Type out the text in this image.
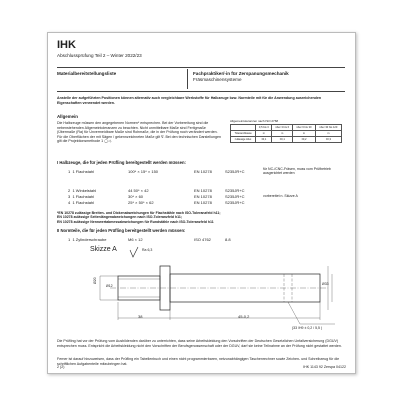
IHK
Abschlussprüfung Teil 2 – Winter 2022/23
Materialbereitstellungsliste	Fachpraktiker/-in für Zerspanungsmechanik
Fräsmaschinensysteme
Anstelle der aufgeführten Positionen können alternativ auch vergleichbare Werkstoffe für Halbzeuge bzw. Normteile mit für die Anwendung ausreichenden Eigenschaften verwendet werden.
Allgemein
Die Halbzeuge müssen den angegebenen Normen* entsprechen. Bei der Vorbereitung sind die nebenstehenden Allgemeintoleranzen zu beachten. Nicht unmittelbare Maße sind Fertigmaße (Übermaße (Ra) für Unvermeidbare Maße sind Rohmaße, die in der Prüfung noch verändert werden. Für die Oberflächen der mit Sägen / gekennzeichneten Maße gilt ∇. Bei den technischen Darstellungen gilt die Projektionsmethode 1 ◯◁.
Allgemeintoleranzen nach ISO 2768
	0,5 bis 3	über 3 bis 6	über 6 bis 30	über 30 bis 120
Toleranzklasse	m	m	m	m
zulässige Abw.	±0,1	±0,1	±0,2	±0,3
I Halbzeuge, die für jeden Prüfling bereitgestellt werden müssen:
1 1 Flachstahl	100* × 15* × 150	EN 10278	S235JR+C	für NC-/CNC-Fräsen, muss vom Prüfbetrieb ausgerichtet werden
2 1 Winkelstahl	44 50* × 42	EN 10278	S235JR+C
3 1 Flachstahl	30* × 60	EN 10278	S235JR+C	vorbereitet n. Skizze A
4 1 Flachstahl	25* × 50* × 62	EN 10278	S235JR+C
*EN 10278 zulässige Breiten- und Dickenabweichungen für Flachstähle nach ISO-Toleranzfeld h11;
EN 10278 zulässige Seitenlängenabweichungen nach ISO-Toleranzfeld h11;
EN 10278 zulässige Nennwertabmessabweichungen für Rundstähle nach ISO-Toleranzfeld h11
II Normteile, die für jeden Prüfling bereitgestellt werden müssen:
1 1 Zylinderschraube	M6 × 12	ISO 4762	8.8
Skizze A	Ra 6,3
38	45-0,2
Ø20
Ø12	Ø33
(33 /H9 ± 0,2 / 5,5 )
Die Prüfling hat vor der Prüfung vom Ausbildenden darüber zu unterrichten, dass seine Arbeitskleidung den Vorschriften der Deutschen Gesetzlichen Unfallversicherung (DGUV) entsprechen muss. Entspricht die Arbeitskleidung nicht den Vorschriften der Berufsgenossenschaft oder der DGUV, darf sie keine Teilnahme an der Prüfung nicht gestattet werden.
Ferner ist darauf hinzuweisen, dass der Prüfling ein Tabellenbuch und einen nicht programmierbaren, netzunabhängigen Taschenrechner sowie Zeichen- und Schreibzeug für die schriftlichen Aufgabenteile mitzubringen hat.
2 (2)	IHK 1143 92 Zerspa 04122
